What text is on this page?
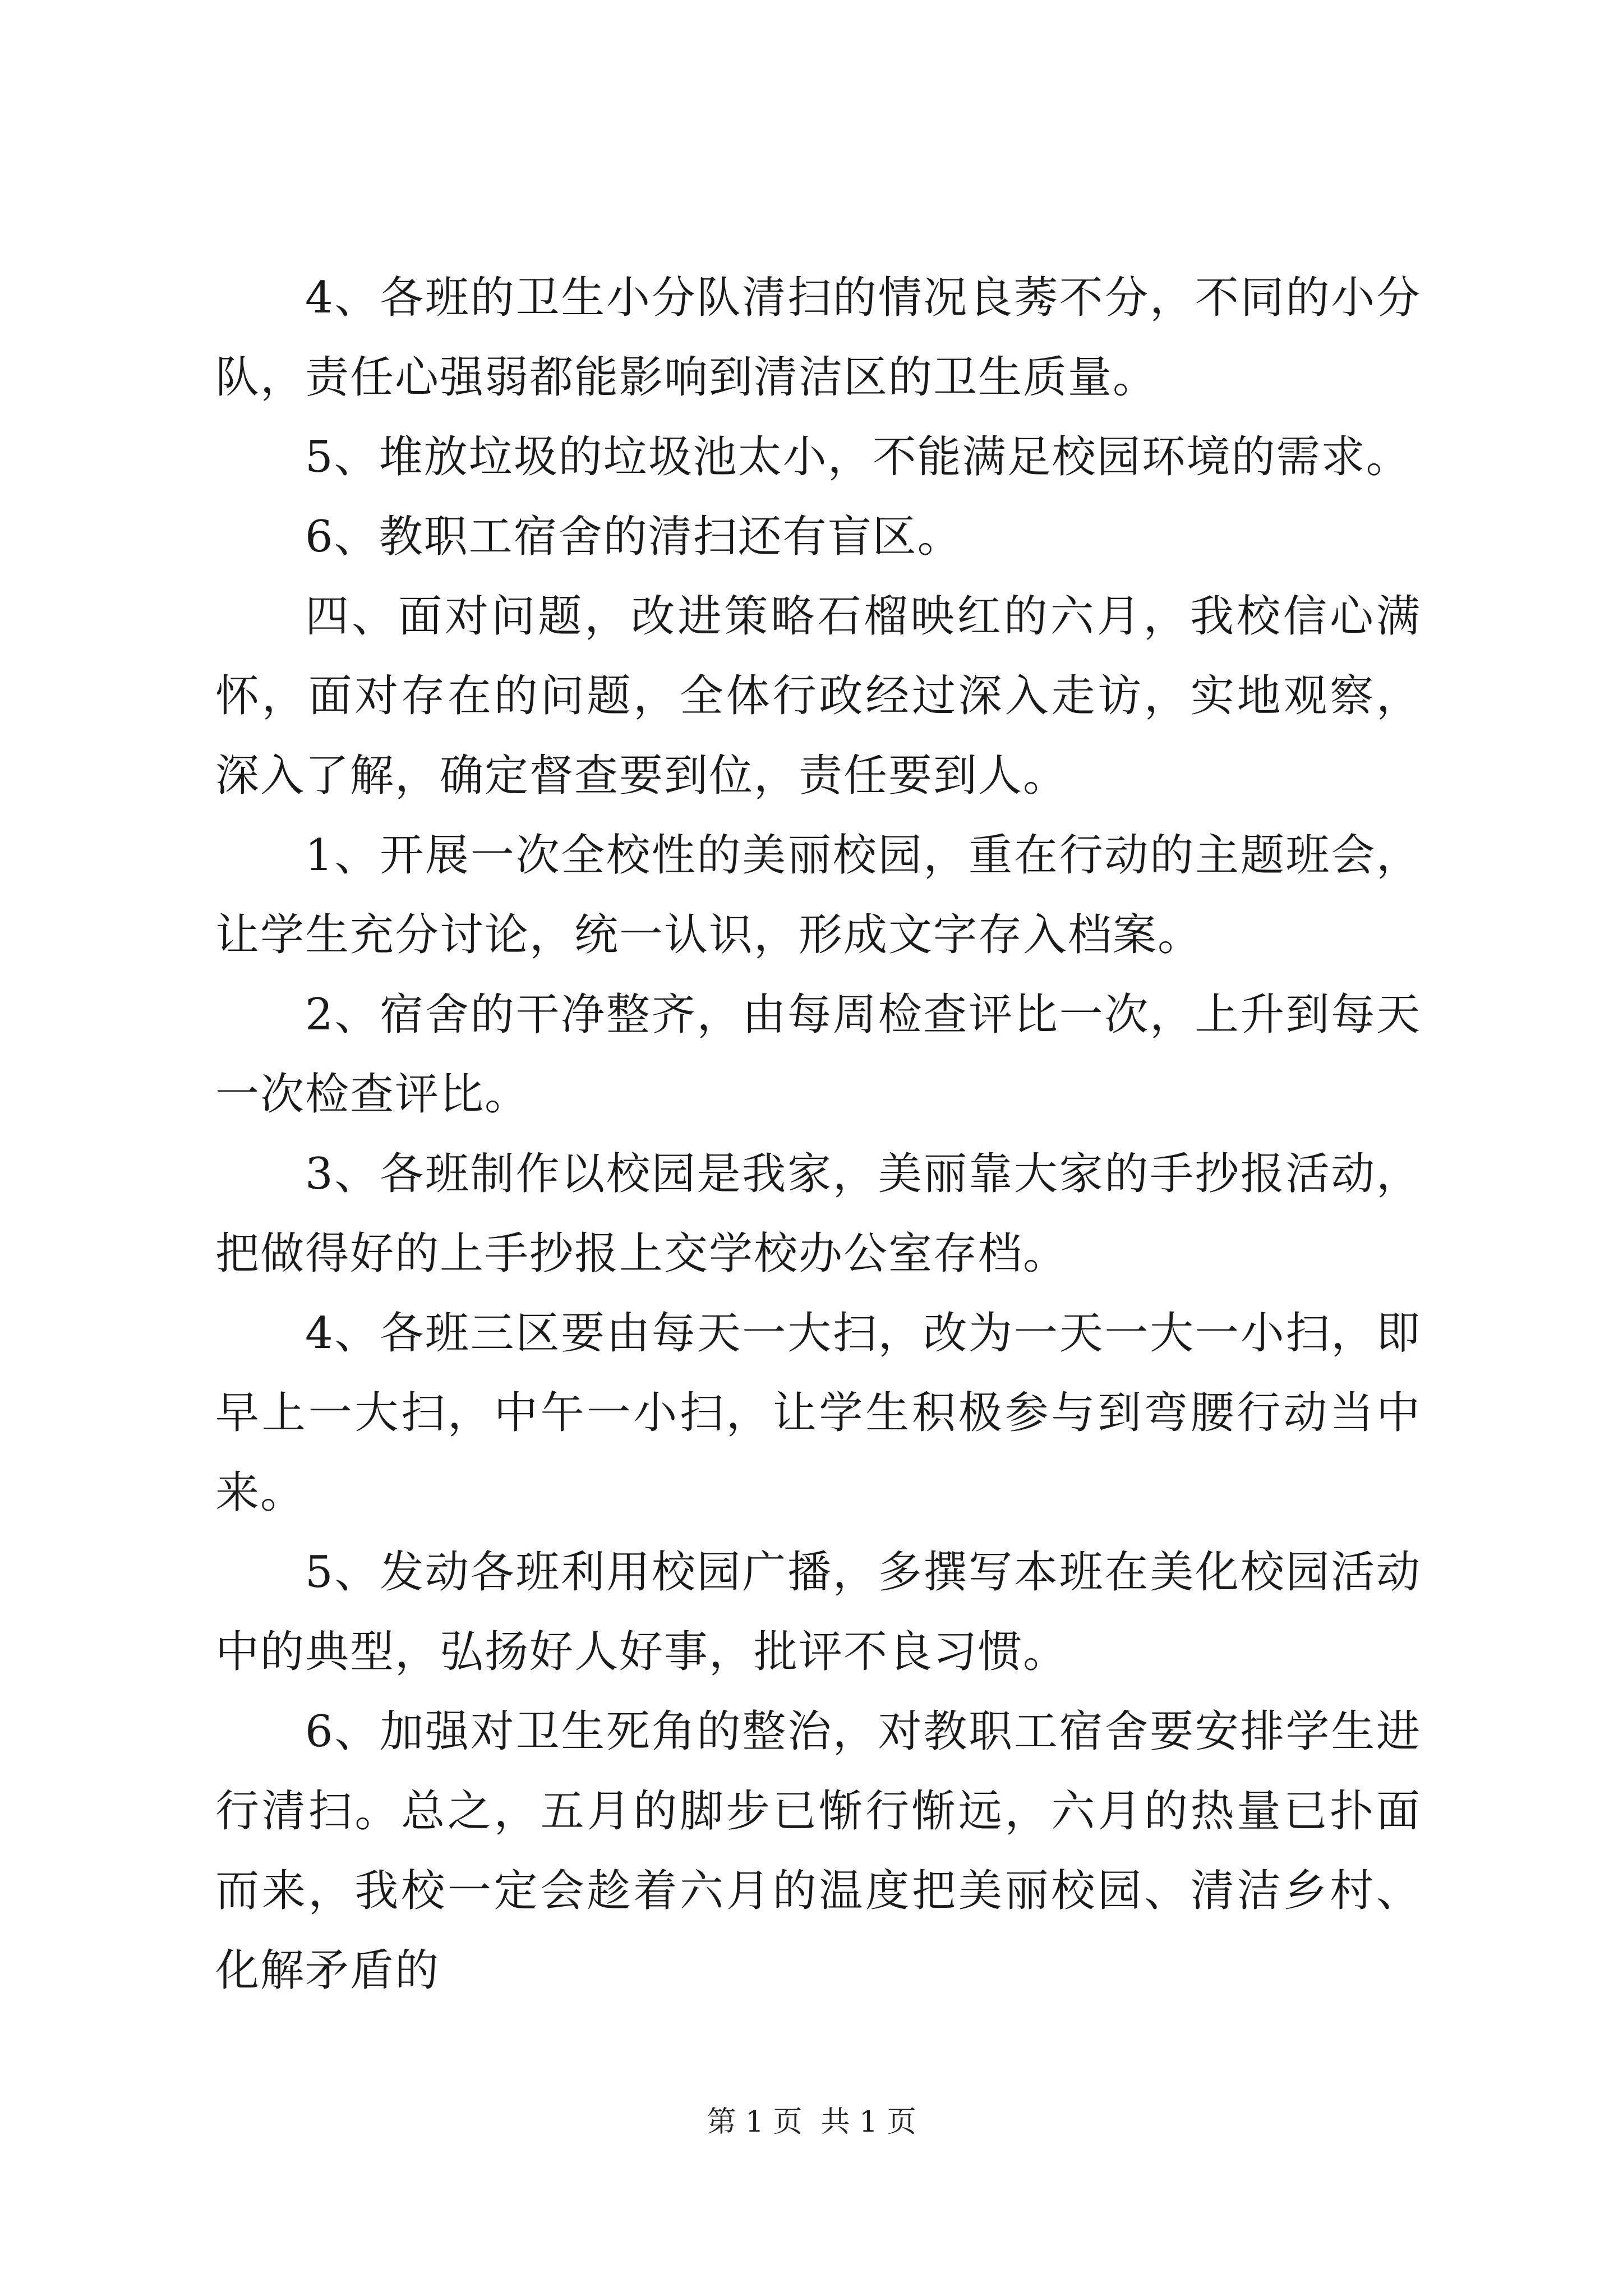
4、各班的卫生小分队清扫的情况良莠不分，不同的小分队，责任心强弱都能影响到清洁区的卫生质量。

5、堆放垃圾的垃圾池太小，不能满足校园环境的需求。

6、教职工宿舍的清扫还有盲区。

四、面对问题，改进策略石榴映红的六月，我校信心满怀，面对存在的问题，全体行政经过深入走访，实地观察，深入了解，确定督查要到位，责任要到人。

1、开展一次全校性的美丽校园，重在行动的主题班会，让学生充分讨论，统一认识，形成文字存入档案。

2、宿舍的干净整齐，由每周检查评比一次，上升到每天一次检查评比。

3、各班制作以校园是我家，美丽靠大家的手抄报活动，把做得好的上手抄报上交学校办公室存档。

4、各班三区要由每天一大扫，改为一天一大一小扫，即早上一大扫，中午一小扫，让学生积极参与到弯腰行动当中来。

5、发动各班利用校园广播，多撰写本班在美化校园活动中的典型，弘扬好人好事，批评不良习惯。

6、加强对卫生死角的整治，对教职工宿舍要安排学生进行清扫。总之，五月的脚步已惭行惭远，六月的热量已扑面而来，我校一定会趁着六月的温度把美丽校园、清洁乡村、化解矛盾的

第 1 页  共 1 页
